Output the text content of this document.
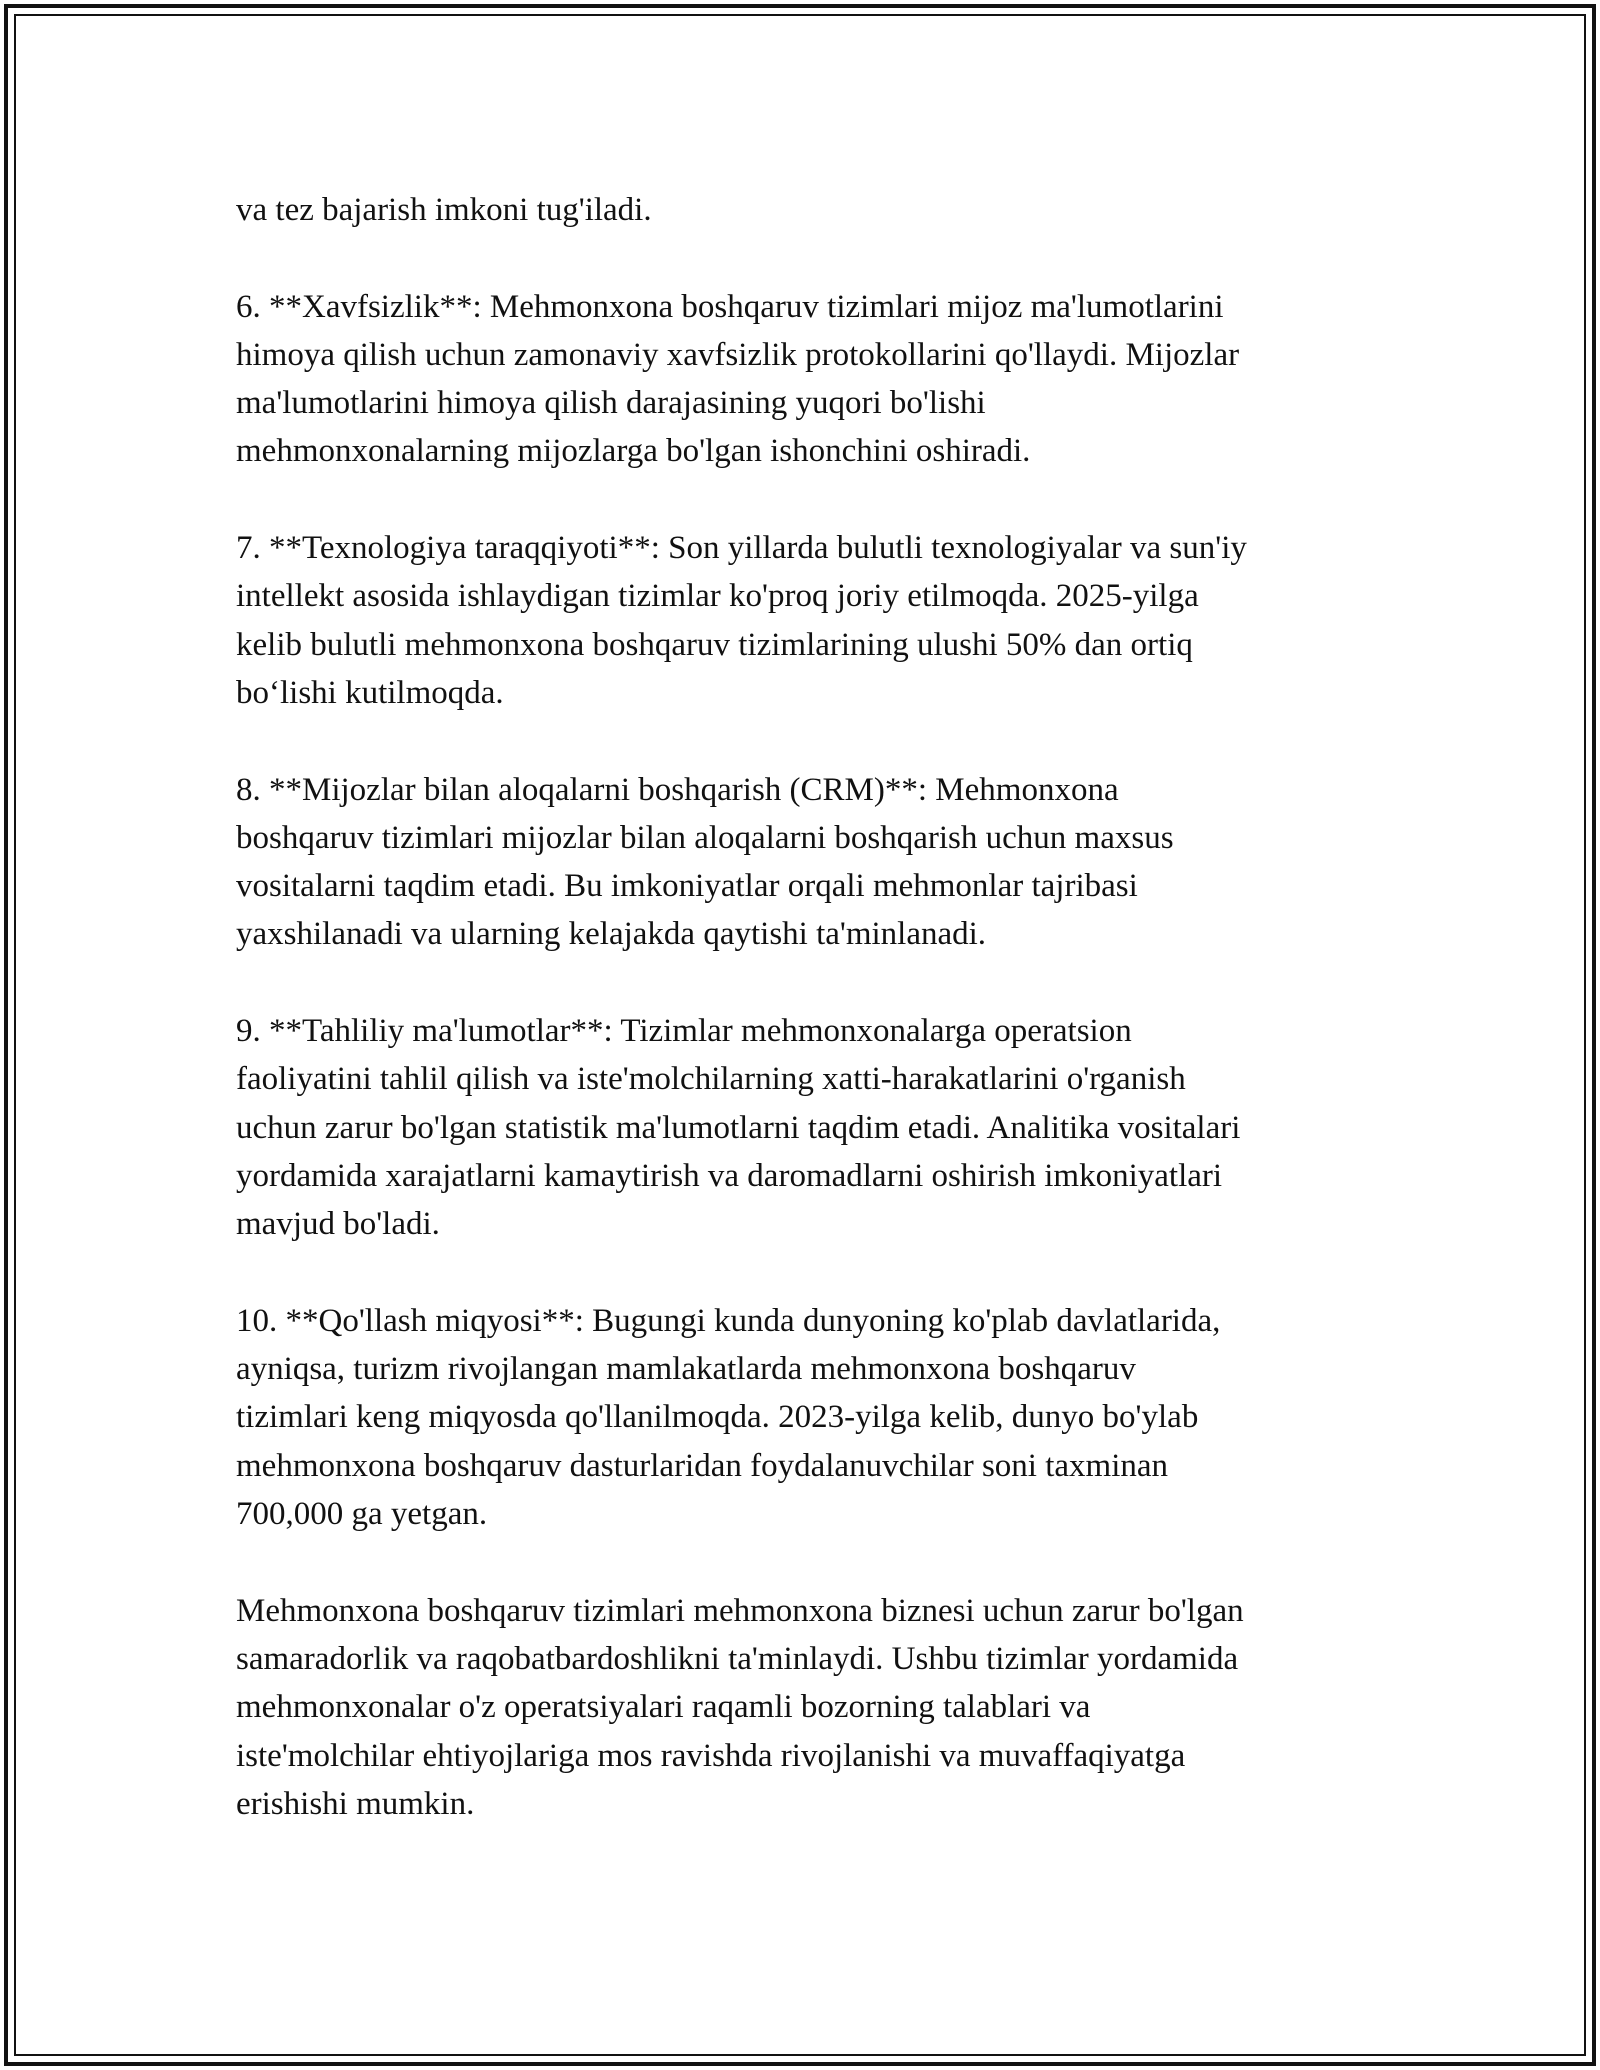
va tez bajarish imkoni tug'iladi.

6. **Xavfsizlik**: Mehmonxona boshqaruv tizimlari mijoz ma'lumotlarini
himoya qilish uchun zamonaviy xavfsizlik protokollarini qo'llaydi. Mijozlar
ma'lumotlarini himoya qilish darajasining yuqori bo'lishi
mehmonxonalarning mijozlarga bo'lgan ishonchini oshiradi.

7. **Texnologiya taraqqiyoti**: Son yillarda bulutli texnologiyalar va sun'iy
intellekt asosida ishlaydigan tizimlar ko'proq joriy etilmoqda. 2025-yilga
kelib bulutli mehmonxona boshqaruv tizimlarining ulushi 50% dan ortiq
bo‘lishi kutilmoqda.

8. **Mijozlar bilan aloqalarni boshqarish (CRM)**: Mehmonxona
boshqaruv tizimlari mijozlar bilan aloqalarni boshqarish uchun maxsus
vositalarni taqdim etadi. Bu imkoniyatlar orqali mehmonlar tajribasi
yaxshilanadi va ularning kelajakda qaytishi ta'minlanadi.

9. **Tahliliy ma'lumotlar**: Tizimlar mehmonxonalarga operatsion
faoliyatini tahlil qilish va iste'molchilarning xatti-harakatlarini o'rganish
uchun zarur bo'lgan statistik ma'lumotlarni taqdim etadi. Analitika vositalari
yordamida xarajatlarni kamaytirish va daromadlarni oshirish imkoniyatlari
mavjud bo'ladi.

10. **Qo'llash miqyosi**: Bugungi kunda dunyoning ko'plab davlatlarida,
ayniqsa, turizm rivojlangan mamlakatlarda mehmonxona boshqaruv
tizimlari keng miqyosda qo'llanilmoqda. 2023-yilga kelib, dunyo bo'ylab
mehmonxona boshqaruv dasturlaridan foydalanuvchilar soni taxminan
700,000 ga yetgan.

Mehmonxona boshqaruv tizimlari mehmonxona biznesi uchun zarur bo'lgan
samaradorlik va raqobatbardoshlikni ta'minlaydi. Ushbu tizimlar yordamida
mehmonxonalar o'z operatsiyalari raqamli bozorning talablari va
iste'molchilar ehtiyojlariga mos ravishda rivojlanishi va muvaffaqiyatga
erishishi mumkin.
